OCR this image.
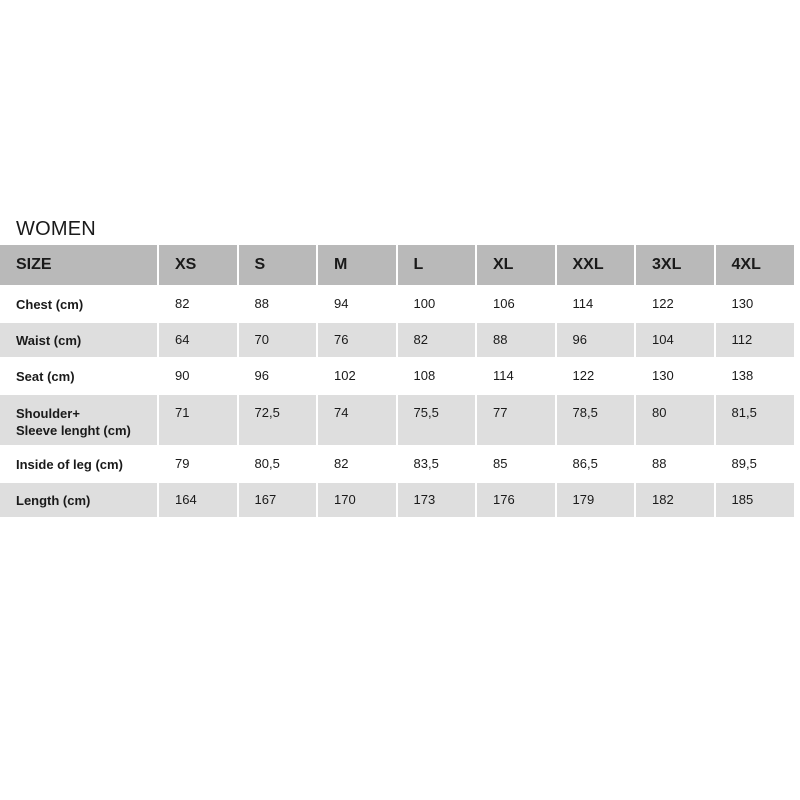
WOMEN
SIZE	XS	S	M	L	XL	XXL	3XL	4XL

Chest (cm)	82	88	94	100	106	114	122	130

Waist (cm)	64	70	76	82	88	96	104	112

Seat (cm)	90	96	102	108	114	122	130	138

Shoulder+
Sleeve lenght (cm)	71	72,5	74	75,5	77	78,5	80	81,5

Inside of leg (cm)	79	80,5	82	83,5	85	86,5	88	89,5

Length (cm)	164	167	170	173	176	179	182	185
